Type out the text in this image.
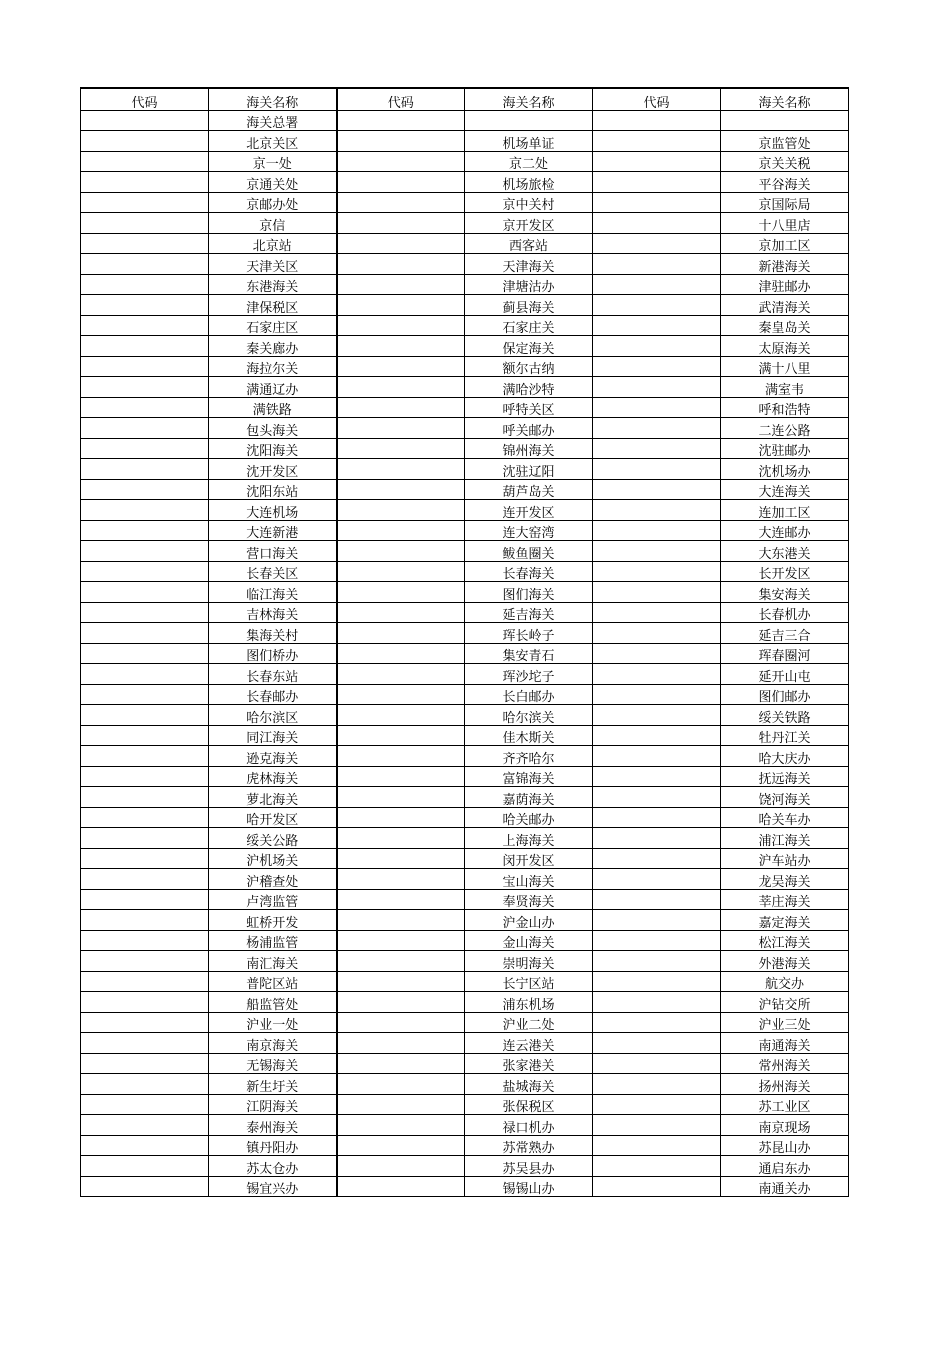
代码	海关名称	代码	海关名称	代码	海关名称
	海关总署				
	北京关区		机场单证		京监管处
	京一处		京二处		京关关税
	京通关处		机场旅检		平谷海关
	京邮办处		京中关村		京国际局
	京信		京开发区		十八里店
	北京站		西客站		京加工区
	天津关区		天津海关		新港海关
	东港海关		津塘沽办		津驻邮办
	津保税区		蓟县海关		武清海关
	石家庄区		石家庄关		秦皇岛关
	秦关廊办		保定海关		太原海关
	海拉尔关		额尔古纳		满十八里
	满通辽办		满哈沙特		满室韦
	满铁路		呼特关区		呼和浩特
	包头海关		呼关邮办		二连公路
	沈阳海关		锦州海关		沈驻邮办
	沈开发区		沈驻辽阳		沈机场办
	沈阳东站		葫芦岛关		大连海关
	大连机场		连开发区		连加工区
	大连新港		连大窑湾		大连邮办
	营口海关		鲅鱼圈关		大东港关
	长春关区		长春海关		长开发区
	临江海关		图们海关		集安海关
	吉林海关		延吉海关		长春机办
	集海关村		珲长岭子		延吉三合
	图们桥办		集安青石		珲春圈河
	长春东站		珲沙坨子		延开山屯
	长春邮办		长白邮办		图们邮办
	哈尔滨区		哈尔滨关		绥关铁路
	同江海关		佳木斯关		牡丹江关
	逊克海关		齐齐哈尔		哈大庆办
	虎林海关		富锦海关		抚远海关
	萝北海关		嘉荫海关		饶河海关
	哈开发区		哈关邮办		哈关车办
	绥关公路		上海海关		浦江海关
	沪机场关		闵开发区		沪车站办
	沪稽查处		宝山海关		龙吴海关
	卢湾监管		奉贤海关		莘庄海关
	虹桥开发		沪金山办		嘉定海关
	杨浦监管		金山海关		松江海关
	南汇海关		崇明海关		外港海关
	普陀区站		长宁区站		航交办
	船监管处		浦东机场		沪钻交所
	沪业一处		沪业二处		沪业三处
	南京海关		连云港关		南通海关
	无锡海关		张家港关		常州海关
	新生圩关		盐城海关		扬州海关
	江阴海关		张保税区		苏工业区
	泰州海关		禄口机办		南京现场
	镇丹阳办		苏常熟办		苏昆山办
	苏太仓办		苏吴县办		通启东办
	锡宜兴办		锡锡山办		南通关办
